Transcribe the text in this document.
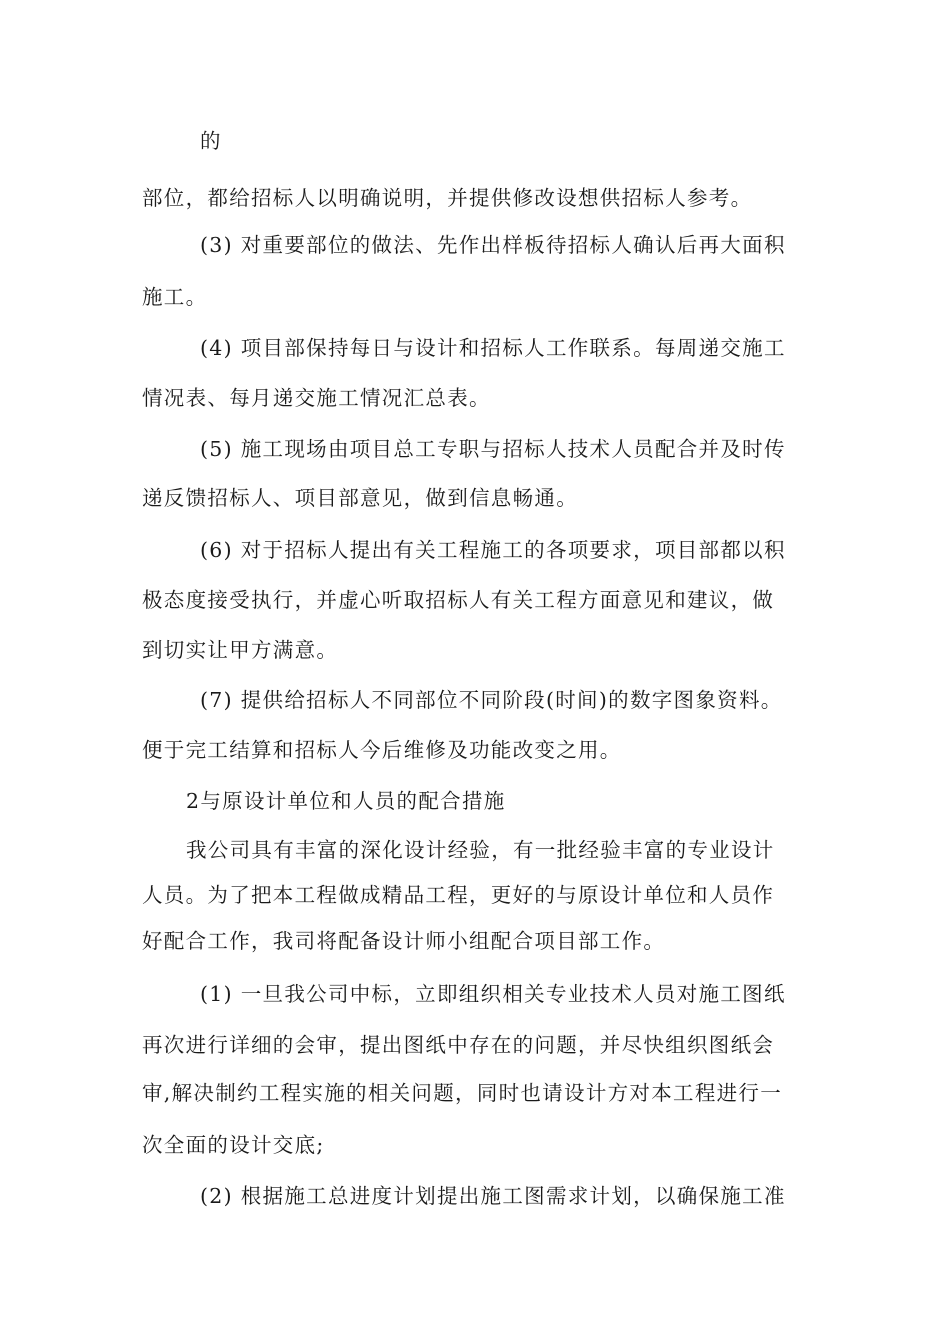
的
部位，都给招标人以明确说明，并提供修改设想供招标人参考。
(3) 对重要部位的做法、先作出样板待招标人确认后再大面积
施工。
(4) 项目部保持每日与设计和招标人工作联系。每周递交施工
情况表、每月递交施工情况汇总表。
(5) 施工现场由项目总工专职与招标人技术人员配合并及时传
递反馈招标人、项目部意见，做到信息畅通。
(6) 对于招标人提出有关工程施工的各项要求，项目部都以积
极态度接受执行，并虚心听取招标人有关工程方面意见和建议，做
到切实让甲方满意。
(7) 提供给招标人不同部位不同阶段(时间)的数字图象资料。
便于完工结算和招标人今后维修及功能改变之用。
2与原设计单位和人员的配合措施
我公司具有丰富的深化设计经验，有一批经验丰富的专业设计
人员。为了把本工程做成精品工程，更好的与原设计单位和人员作
好配合工作，我司将配备设计师小组配合项目部工作。
(1) 一旦我公司中标，立即组织相关专业技术人员对施工图纸
再次进行详细的会审，提出图纸中存在的问题，并尽快组织图纸会
审,解决制约工程实施的相关问题，同时也请设计方对本工程进行一
次全面的设计交底;
(2) 根据施工总进度计划提出施工图需求计划，以确保施工准
